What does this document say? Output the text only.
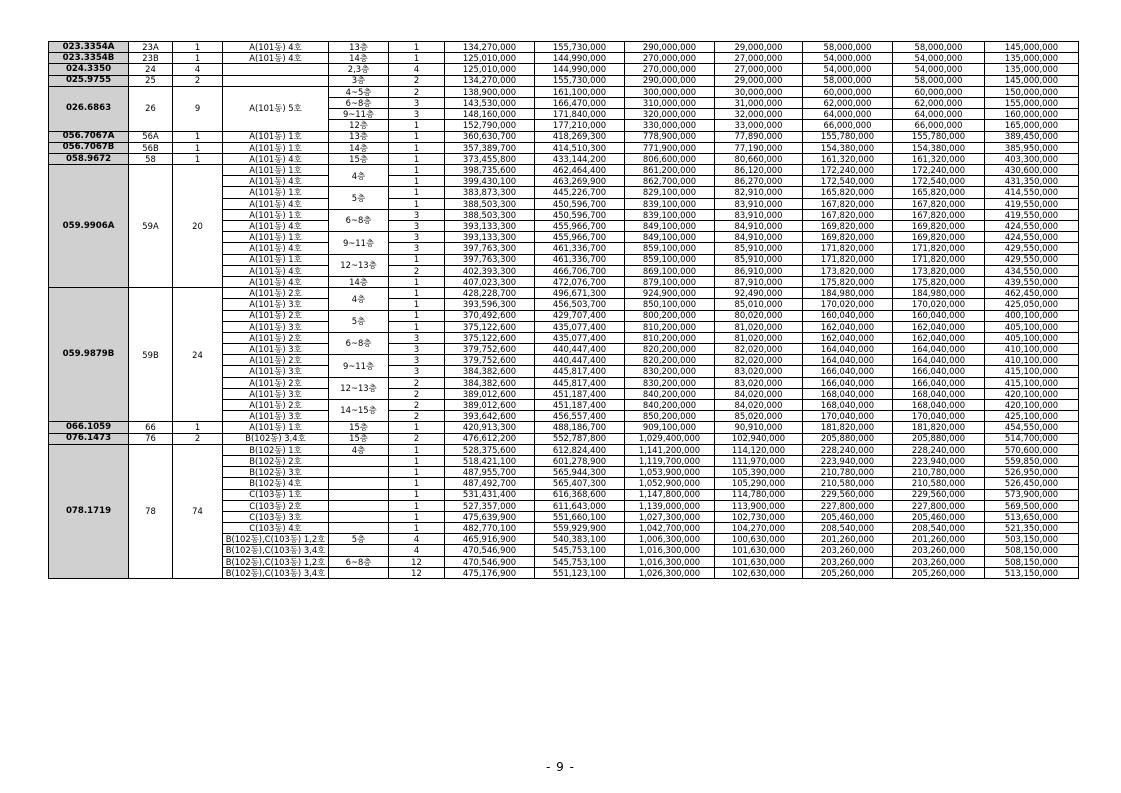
023.3354A	23A	1	A(101동) 4호	13층	1	134,270,000	155,730,000	290,000,000	29,000,000	58,000,000	58,000,000	145,000,000
023.3354B	23B	1	A(101동) 4호	14층	1	125,010,000	144,990,000	270,000,000	27,000,000	54,000,000	54,000,000	135,000,000
024.3350	24	4		2,3층	4	125,010,000	144,990,000	270,000,000	27,000,000	54,000,000	54,000,000	135,000,000
025.9755	25	2		3층	2	134,270,000	155,730,000	290,000,000	29,000,000	58,000,000	58,000,000	145,000,000
026.6863	26	9	A(101동) 5호	4~5층	2	138,900,000	161,100,000	300,000,000	30,000,000	60,000,000	60,000,000	150,000,000
				6~8층	3	143,530,000	166,470,000	310,000,000	31,000,000	62,000,000	62,000,000	155,000,000
				9~11층	3	148,160,000	171,840,000	320,000,000	32,000,000	64,000,000	64,000,000	160,000,000
				12층	1	152,790,000	177,210,000	330,000,000	33,000,000	66,000,000	66,000,000	165,000,000
056.7067A	56A	1	A(101동) 1호	13층	1	360,630,700	418,269,300	778,900,000	77,890,000	155,780,000	155,780,000	389,450,000
056.7067B	56B	1	A(101동) 1호	14층	1	357,389,700	414,510,300	771,900,000	77,190,000	154,380,000	154,380,000	385,950,000
058.9672	58	1	A(101동) 4호	15층	1	373,455,800	433,144,200	806,600,000	80,660,000	161,320,000	161,320,000	403,300,000
059.9906A	59A	20	A(101동) 1호	4층	1	398,735,600	462,464,400	861,200,000	86,120,000	172,240,000	172,240,000	430,600,000
			A(101동) 4호		1	399,430,100	463,269,900	862,700,000	86,270,000	172,540,000	172,540,000	431,350,000
			A(101동) 1호	5층	1	383,873,300	445,226,700	829,100,000	82,910,000	165,820,000	165,820,000	414,550,000
			A(101동) 4호		1	388,503,300	450,596,700	839,100,000	83,910,000	167,820,000	167,820,000	419,550,000
			A(101동) 1호	6~8층	3	388,503,300	450,596,700	839,100,000	83,910,000	167,820,000	167,820,000	419,550,000
			A(101동) 4호		3	393,133,300	455,966,700	849,100,000	84,910,000	169,820,000	169,820,000	424,550,000
			A(101동) 1호	9~11층	3	393,133,300	455,966,700	849,100,000	84,910,000	169,820,000	169,820,000	424,550,000
			A(101동) 4호		3	397,763,300	461,336,700	859,100,000	85,910,000	171,820,000	171,820,000	429,550,000
			A(101동) 1호	12~13층	1	397,763,300	461,336,700	859,100,000	85,910,000	171,820,000	171,820,000	429,550,000
			A(101동) 4호		2	402,393,300	466,706,700	869,100,000	86,910,000	173,820,000	173,820,000	434,550,000
			A(101동) 4호	14층	1	407,023,300	472,076,700	879,100,000	87,910,000	175,820,000	175,820,000	439,550,000
059.9879B	59B	24	A(101동) 2호	4층	1	428,228,700	496,671,300	924,900,000	92,490,000	184,980,000	184,980,000	462,450,000
			A(101동) 3호		1	393,596,300	456,503,700	850,100,000	85,010,000	170,020,000	170,020,000	425,050,000
			A(101동) 2호	5층	1	370,492,600	429,707,400	800,200,000	80,020,000	160,040,000	160,040,000	400,100,000
			A(101동) 3호		1	375,122,600	435,077,400	810,200,000	81,020,000	162,040,000	162,040,000	405,100,000
			A(101동) 2호	6~8층	3	375,122,600	435,077,400	810,200,000	81,020,000	162,040,000	162,040,000	405,100,000
			A(101동) 3호		3	379,752,600	440,447,400	820,200,000	82,020,000	164,040,000	164,040,000	410,100,000
			A(101동) 2호	9~11층	3	379,752,600	440,447,400	820,200,000	82,020,000	164,040,000	164,040,000	410,100,000
			A(101동) 3호		3	384,382,600	445,817,400	830,200,000	83,020,000	166,040,000	166,040,000	415,100,000
			A(101동) 2호	12~13층	2	384,382,600	445,817,400	830,200,000	83,020,000	166,040,000	166,040,000	415,100,000
			A(101동) 3호		2	389,012,600	451,187,400	840,200,000	84,020,000	168,040,000	168,040,000	420,100,000
			A(101동) 2호	14~15층	2	389,012,600	451,187,400	840,200,000	84,020,000	168,040,000	168,040,000	420,100,000
			A(101동) 3호		2	393,642,600	456,557,400	850,200,000	85,020,000	170,040,000	170,040,000	425,100,000
066.1059	66	1	A(101동) 1호	15층	1	420,913,300	488,186,700	909,100,000	90,910,000	181,820,000	181,820,000	454,550,000
076.1473	76	2	B(102동) 3,4호	15층	2	476,612,200	552,787,800	1,029,400,000	102,940,000	205,880,000	205,880,000	514,700,000
078.1719	78	74	B(102동) 1호	4층	1	528,375,600	612,824,400	1,141,200,000	114,120,000	228,240,000	228,240,000	570,600,000
			B(102동) 2호		1	518,421,100	601,278,900	1,119,700,000	111,970,000	223,940,000	223,940,000	559,850,000
			B(102동) 3호		1	487,955,700	565,944,300	1,053,900,000	105,390,000	210,780,000	210,780,000	526,950,000
			B(102동) 4호		1	487,492,700	565,407,300	1,052,900,000	105,290,000	210,580,000	210,580,000	526,450,000
			C(103동) 1호		1	531,431,400	616,368,600	1,147,800,000	114,780,000	229,560,000	229,560,000	573,900,000
			C(103동) 2호		1	527,357,000	611,643,000	1,139,000,000	113,900,000	227,800,000	227,800,000	569,500,000
			C(103동) 3호		1	475,639,900	551,660,100	1,027,300,000	102,730,000	205,460,000	205,460,000	513,650,000
			C(103동) 4호		1	482,770,100	559,929,900	1,042,700,000	104,270,000	208,540,000	208,540,000	521,350,000
			B(102동),C(103동) 1,2호	5층	4	465,916,900	540,383,100	1,006,300,000	100,630,000	201,260,000	201,260,000	503,150,000
			B(102동),C(103동) 3,4호		4	470,546,900	545,753,100	1,016,300,000	101,630,000	203,260,000	203,260,000	508,150,000
			B(102동),C(103동) 1,2호	6~8층	12	470,546,900	545,753,100	1,016,300,000	101,630,000	203,260,000	203,260,000	508,150,000
			B(102동),C(103동) 3,4호		12	475,176,900	551,123,100	1,026,300,000	102,630,000	205,260,000	205,260,000	513,150,000
- 9 -
